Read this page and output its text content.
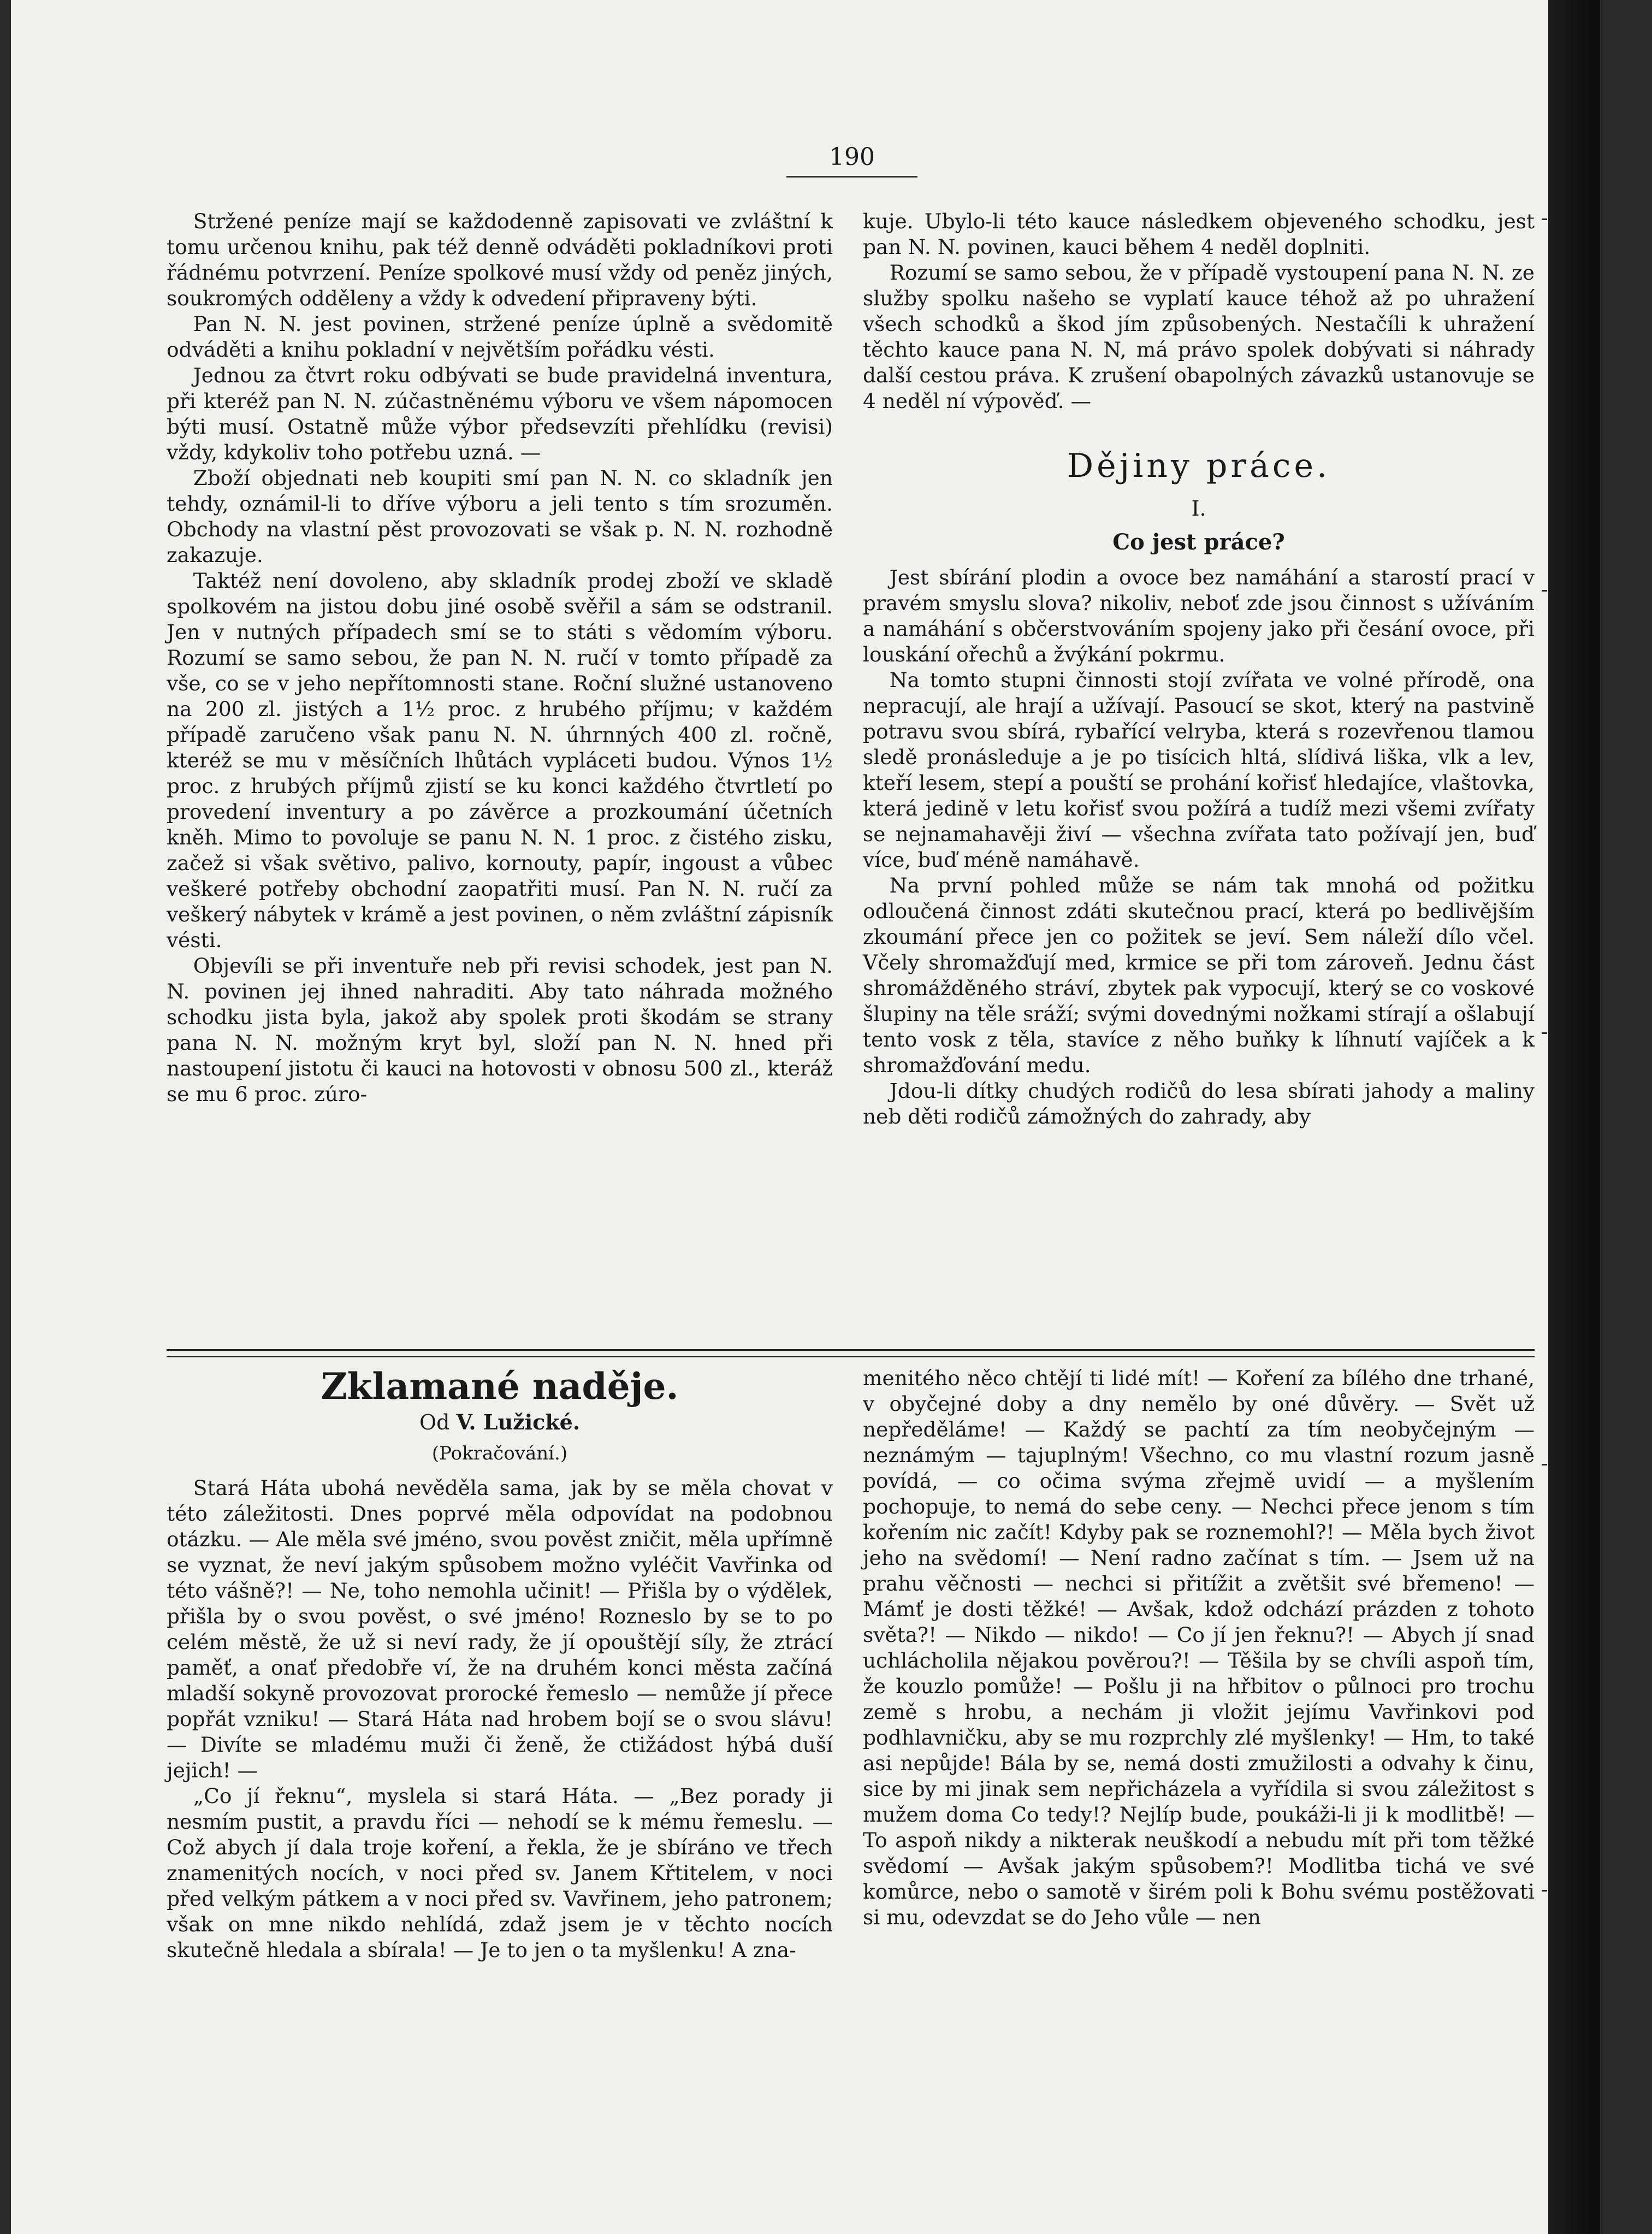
190

Stržené peníze mají se každodenně zapisovati ve zvláštní k tomu určenou knihu, pak též denně odváděti pokladníkovi proti řádnému potvrzení. Peníze spolkové musí vždy od peněz jiných, soukromých odděleny a vždy k odvedení připraveny býti.

Pan N. N. jest povinen, stržené peníze úplně a svědomitě odváděti a knihu pokladní v největším pořádku vésti.

Jednou za čtvrt roku odbývati se bude pravidelná inventura, při kteréž pan N. N. zúčastněnému výboru ve všem nápomocen býti musí. Ostatně může výbor předsevzíti přehlídku (revisi) vždy, kdykoliv toho potřebu uzná. —

Zboží objednati neb koupiti smí pan N. N. co skladník jen tehdy, oznámil-li to dříve výboru a jeli tento s tím srozuměn. Obchody na vlastní pěst provozovati se však p. N. N. rozhodně zakazuje.

Taktéž není dovoleno, aby skladník prodej zboží ve skladě spolkovém na jistou dobu jiné osobě svěřil a sám se odstranil. Jen v nutných případech smí se to státi s vědomím výboru. Rozumí se samo sebou, že pan N. N. ručí v tomto případě za vše, co se v jeho nepřítomnosti stane. Roční služné ustanoveno na 200 zl. jistých a 1½ proc. z hrubého příjmu; v každém případě zaručeno však panu N. N. úhrnných 400 zl. ročně, kteréž se mu v měsíčních lhůtách vypláceti budou. Výnos 1½ proc. z hrubých příjmů zjistí se ku konci každého čtvrtletí po provedení inventury a po závěrce a prozkoumání účetních kněh. Mimo to povoluje se panu N. N. 1 proc. z čistého zisku, začež si však světivo, palivo, kornouty, papír, ingoust a vůbec veškeré potřeby obchodní zaopatřiti musí. Pan N. N. ručí za veškerý nábytek v krámě a jest povinen, o něm zvláštní zápisník vésti.

Objevíli se při inventuře neb při revisi schodek, jest pan N. N. povinen jej ihned nahraditi. Aby tato náhrada možného schodku jista byla, jakož aby spolek proti škodám se strany pana N. N. možným kryt byl, složí pan N. N. hned při nastoupení jistotu či kauci na hotovosti v obnosu 500 zl., kteráž se mu 6 proc. zúro-

kuje. Ubylo-li této kauce následkem objeveného schodku, jest pan N. N. povinen, kauci během 4 neděl doplniti.

Rozumí se samo sebou, že v případě vystoupení pana N. N. ze služby spolku našeho se vyplatí kauce téhož až po uhražení všech schodků a škod jím způsobených. Nestačíli k uhražení těchto kauce pana N. N, má právo spolek dobývati si náhrady další cestou práva. K zrušení obapolných závazků ustanovuje se 4 neděl ní výpověď. —

Dějiny práce.
I.
Co jest práce?

Jest sbírání plodin a ovoce bez namáhání a starostí prací v pravém smyslu slova? nikoliv, neboť zde jsou činnost s užíváním a namáhání s občerstvováním spojeny jako při česání ovoce, při louskání ořechů a žvýkání pokrmu.

Na tomto stupni činnosti stojí zvířata ve volné přírodě, ona nepracují, ale hrají a užívají. Pasoucí se skot, který na pastvině potravu svou sbírá, rybařící velryba, která s rozevřenou tlamou sledě pronásleduje a je po tisícich hltá, slídivá liška, vlk a lev, kteří lesem, stepí a pouští se prohání kořisť hledajíce, vlaštovka, která jedině v letu kořisť svou požírá a tudíž mezi všemi zvířaty se nejnamahavěji živí — všechna zvířata tato požívají jen, buď více, buď méně namáhavě.

Na první pohled může se nám tak mnohá od požitku odloučená činnost zdáti skutečnou prací, která po bedlivějším zkoumání přece jen co požitek se jeví. Sem náleží dílo včel. Včely shromažďují med, krmice se při tom zároveň. Jednu část shromážděného stráví, zbytek pak vypocují, který se co voskové šlupiny na těle sráží; svými dovednými nožkami stírají a ošlabují tento vosk z těla, stavíce z něho buňky k líhnutí vajíček a k shromažďování medu.

Jdou-li dítky chudých rodičů do lesa sbírati jahody a maliny neb děti rodičů zámožných do zahrady, aby

Zklamané naděje.
Od V. Lužické.
(Pokračování.)

Stará Háta ubohá nevěděla sama, jak by se měla chovat v této záležitosti. Dnes poprvé měla odpovídat na podobnou otázku. — Ale měla své jméno, svou pověst zničit, měla upřímně se vyznat, že neví jakým spůsobem možno vyléčit Vavřinka od této vášně?! — Ne, toho nemohla učinit! — Přišla by o výdělek, přišla by o svou pověst, o své jméno! Rozneslo by se to po celém městě, že už si neví rady, že jí opouštějí síly, že ztrácí paměť, a onať předobře ví, že na druhém konci města začíná mladší sokyně provozovat prorocké řemeslo — nemůže jí přece popřát vzniku! — Stará Háta nad hrobem bojí se o svou slávu! — Divíte se mladému muži či ženě, že ctižádost hýbá duší jejich! —

„Co jí řeknu“, myslela si stará Háta. — „Bez porady ji nesmím pustit, a pravdu říci — nehodí se k mému řemeslu. — Což abych jí dala troje koření, a řekla, že je sbíráno ve třech znamenitých nocích, v noci před sv. Janem Křtitelem, v noci před velkým pátkem a v noci před sv. Vavřinem, jeho patronem; však on mne nikdo nehlídá, zdaž jsem je v těchto nocích skutečně hledala a sbírala! — Je to jen o ta myšlenku! A zna-

menitého něco chtějí ti lidé mít! — Koření za bílého dne trhané, v obyčejné doby a dny nemělo by oné důvěry. — Svět už nepředěláme! — Každý se pachtí za tím neobyčejným — neznámým — tajuplným! Všechno, co mu vlastní rozum jasně povídá, — co očima svýma zřejmě uvidí — a myšlením pochopuje, to nemá do sebe ceny. — Nechci přece jenom s tím kořením nic začít! Kdyby pak se roznemohl?! — Měla bych život jeho na svědomí! — Není radno začínat s tím. — Jsem už na prahu věčnosti — nechci si přitížit a zvětšit své břemeno! — Mámť je dosti těžké! — Avšak, kdož odchází prázden z tohoto světa?! — Nikdo — nikdo! — Co jí jen řeknu?! — Abych jí snad uchlácholila nějakou pověrou?! — Těšila by se chvíli aspoň tím, že kouzlo pomůže! — Pošlu ji na hřbitov o půlnoci pro trochu země s hrobu, a nechám ji vložit jejímu Vavřinkovi pod podhlavničku, aby se mu rozprchly zlé myšlenky! — Hm, to také asi nepůjde! Bála by se, nemá dosti zmužilosti a odvahy k činu, sice by mi jinak sem nepřicházela a vyřídila si svou záležitost s mužem doma Co tedy!? Nejlíp bude, poukáži-li ji k modlitbě! — To aspoň nikdy a nikterak neuškodí a nebudu mít při tom těžké svědomí — Avšak jakým spůsobem?! Modlitba tichá ve své komůrce, nebo o samotě v širém poli k Bohu svému postěžovati si mu, odevzdat se do Jeho vůle — nen
